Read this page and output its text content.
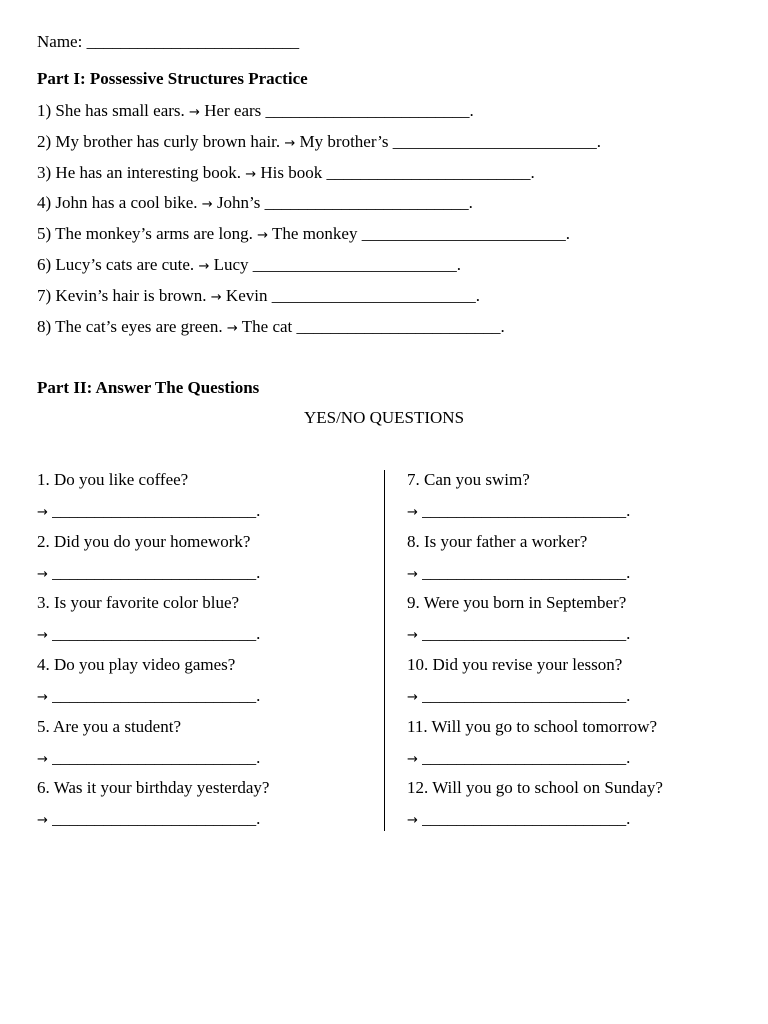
Name: _________________________
Part I: Possessive Structures Practice
1) She has small ears. → Her ears ________________________.
2) My brother has curly brown hair. → My brother’s ________________________.
3) He has an interesting book. → His book ________________________.
4) John has a cool bike. → John’s ________________________.
5) The monkey’s arms are long. → The monkey ________________________.
6) Lucy’s cats are cute. → Lucy ________________________.
7) Kevin’s hair is brown. → Kevin ________________________.
8) The cat’s eyes are green. → The cat ________________________.
Part II: Answer The Questions
YES/NO QUESTIONS
1. Do you like coffee?
→ ________________________.
2. Did you do your homework?
→ ________________________.
3. Is your favorite color blue?
→ ________________________.
4. Do you play video games?
→ ________________________.
5. Are you a student?
→ ________________________.
6. Was it your birthday yesterday?
→ ________________________.
7. Can you swim?
→ ________________________.
8. Is your father a worker?
→ ________________________.
9. Were you born in September?
→ ________________________.
10. Did you revise your lesson?
→ ________________________.
11. Will you go to school tomorrow?
→ ________________________.
12. Will you go to school on Sunday?
→ ________________________.
